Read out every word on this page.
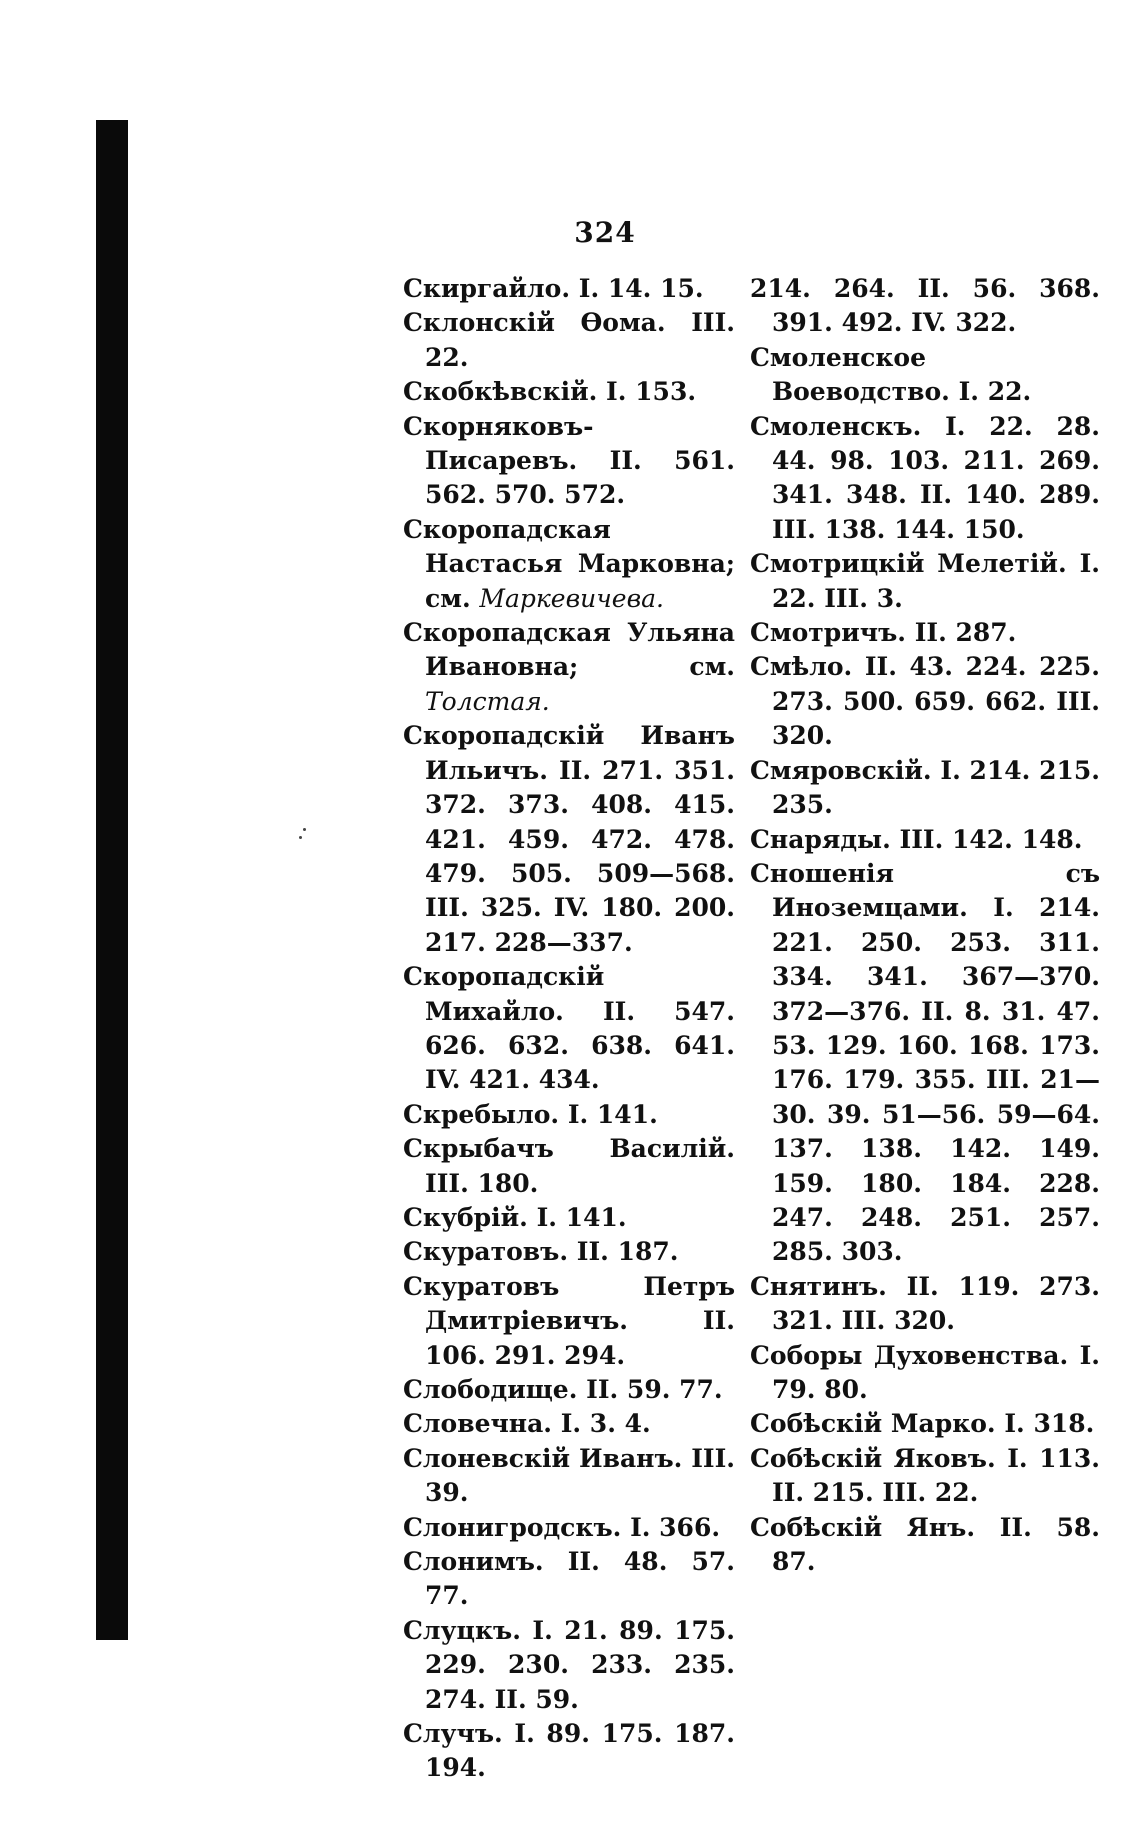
324

Скиргайло. I. 14. 15.

Склонскій Ѳома. III. 22.

Скобкѣвскій. I. 153.

Скорняковъ-Писаревъ. II. 561. 562. 570. 572.

Скоропадская Настасья Марковна; см. Маркевичева.

Скоропадская Ульяна Ивановна;	см. Толстая.

Скоропадскій Иванъ Ильичъ. II. 271. 351. 372. 373. 408. 415. 421. 459. 472. 478. 479. 505. 509—568. III. 325. IV. 180. 200. 217. 228—337.

Скоропадскій Михайло. II. 547. 626. 632. 638. 641. IV. 421. 434.

Скребыло. I. 141.

Скрыбачъ Василій. III. 180.

Скубрій. I. 141.

Скуратовъ. II. 187.

Скуратовъ Петръ Дмитріевичъ.	II. 106. 291. 294.

Слободище. II. 59. 77.

Словечна. I. 3. 4.

Слоневскій Иванъ. III. 39.

Слонигродскъ. I. 366.

Слонимъ. II. 48. 57. 77.

Слуцкъ. I. 21. 89. 175. 229. 230. 233. 235. 274. II. 59.

Случъ. I. 89. 175. 187. 194.

214. 264. II. 56. 368. 391. 492. IV. 322.

Смоленское Воеводство. I. 22.

Смоленскъ. I. 22. 28. 44. 98. 103. 211. 269. 341. 348. II. 140. 289. III. 138. 144. 150.

Смотрицкій Мелетій. I. 22. III. 3.

Смотричъ. II. 287.

Смѣло. II. 43. 224. 225. 273. 500. 659. 662. III. 320.

Смяровскій. I. 214. 215. 235.

Снаряды. III. 142. 148.

Сношенія съ Иноземцами. I. 214. 221. 250. 253. 311. 334. 341. 367—370. 372—376. II. 8. 31. 47. 53. 129. 160. 168. 173. 176. 179. 355. III. 21—30. 39. 51—56. 59—64. 137. 138. 142. 149. 159. 180. 184. 228. 247. 248. 251. 257. 285. 303.

Снятинъ. II. 119. 273. 321. III. 320.

Соборы Духовенства. I. 79. 80.

Собѣскій Марко. I. 318.

Собѣскій Яковъ. I. 113. II. 215. III. 22.

Собѣскій Янъ. II. 58. 87.
